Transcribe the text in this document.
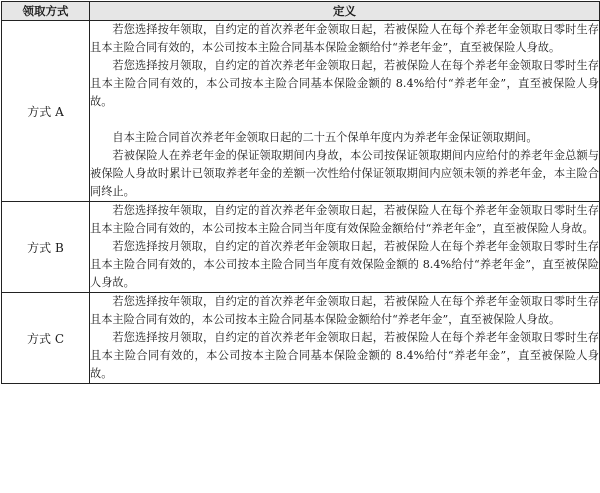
领取方式	定义
方式 A	若您选择按年领取，自约定的首次养老年金领取日起，若被保险人在每个养老年金领取日零时生存且本主险合同有效的，本公司按本主险合同基本保险金额给付“养老年金”，直至被保险人身故。

若您选择按月领取，自约定的首次养老年金领取日起，若被保险人在每个养老年金领取日零时生存且本主险合同有效的，本公司按本主险合同基本保险金额的 8.4%给付“养老年金”，直至被保险人身故。

自本主险合同首次养老年金领取日起的二十五个保单年度内为养老年金保证领取期间。

若被保险人在养老年金的保证领取期间内身故，本公司按保证领取期间内应给付的养老年金总额与被保险人身故时累计已领取养老年金的差额一次性给付保证领取期间内应领未领的养老年金，本主险合同终止。

方式 B	若您选择按年领取，自约定的首次养老年金领取日起，若被保险人在每个养老年金领取日零时生存且本主险合同有效的，本公司按本主险合同当年度有效保险金额给付“养老年金”，直至被保险人身故。

若您选择按月领取，自约定的首次养老年金领取日起，若被保险人在每个养老年金领取日零时生存且本主险合同有效的，本公司按本主险合同当年度有效保险金额的 8.4%给付“养老年金”，直至被保险人身故。

方式 C	若您选择按年领取，自约定的首次养老年金领取日起，若被保险人在每个养老年金领取日零时生存且本主险合同有效的，本公司按本主险合同基本保险金额给付“养老年金”，直至被保险人身故。

若您选择按月领取，自约定的首次养老年金领取日起，若被保险人在每个养老年金领取日零时生存且本主险合同有效的，本公司按本主险合同基本保险金额的 8.4%给付“养老年金”，直至被保险人身故。
